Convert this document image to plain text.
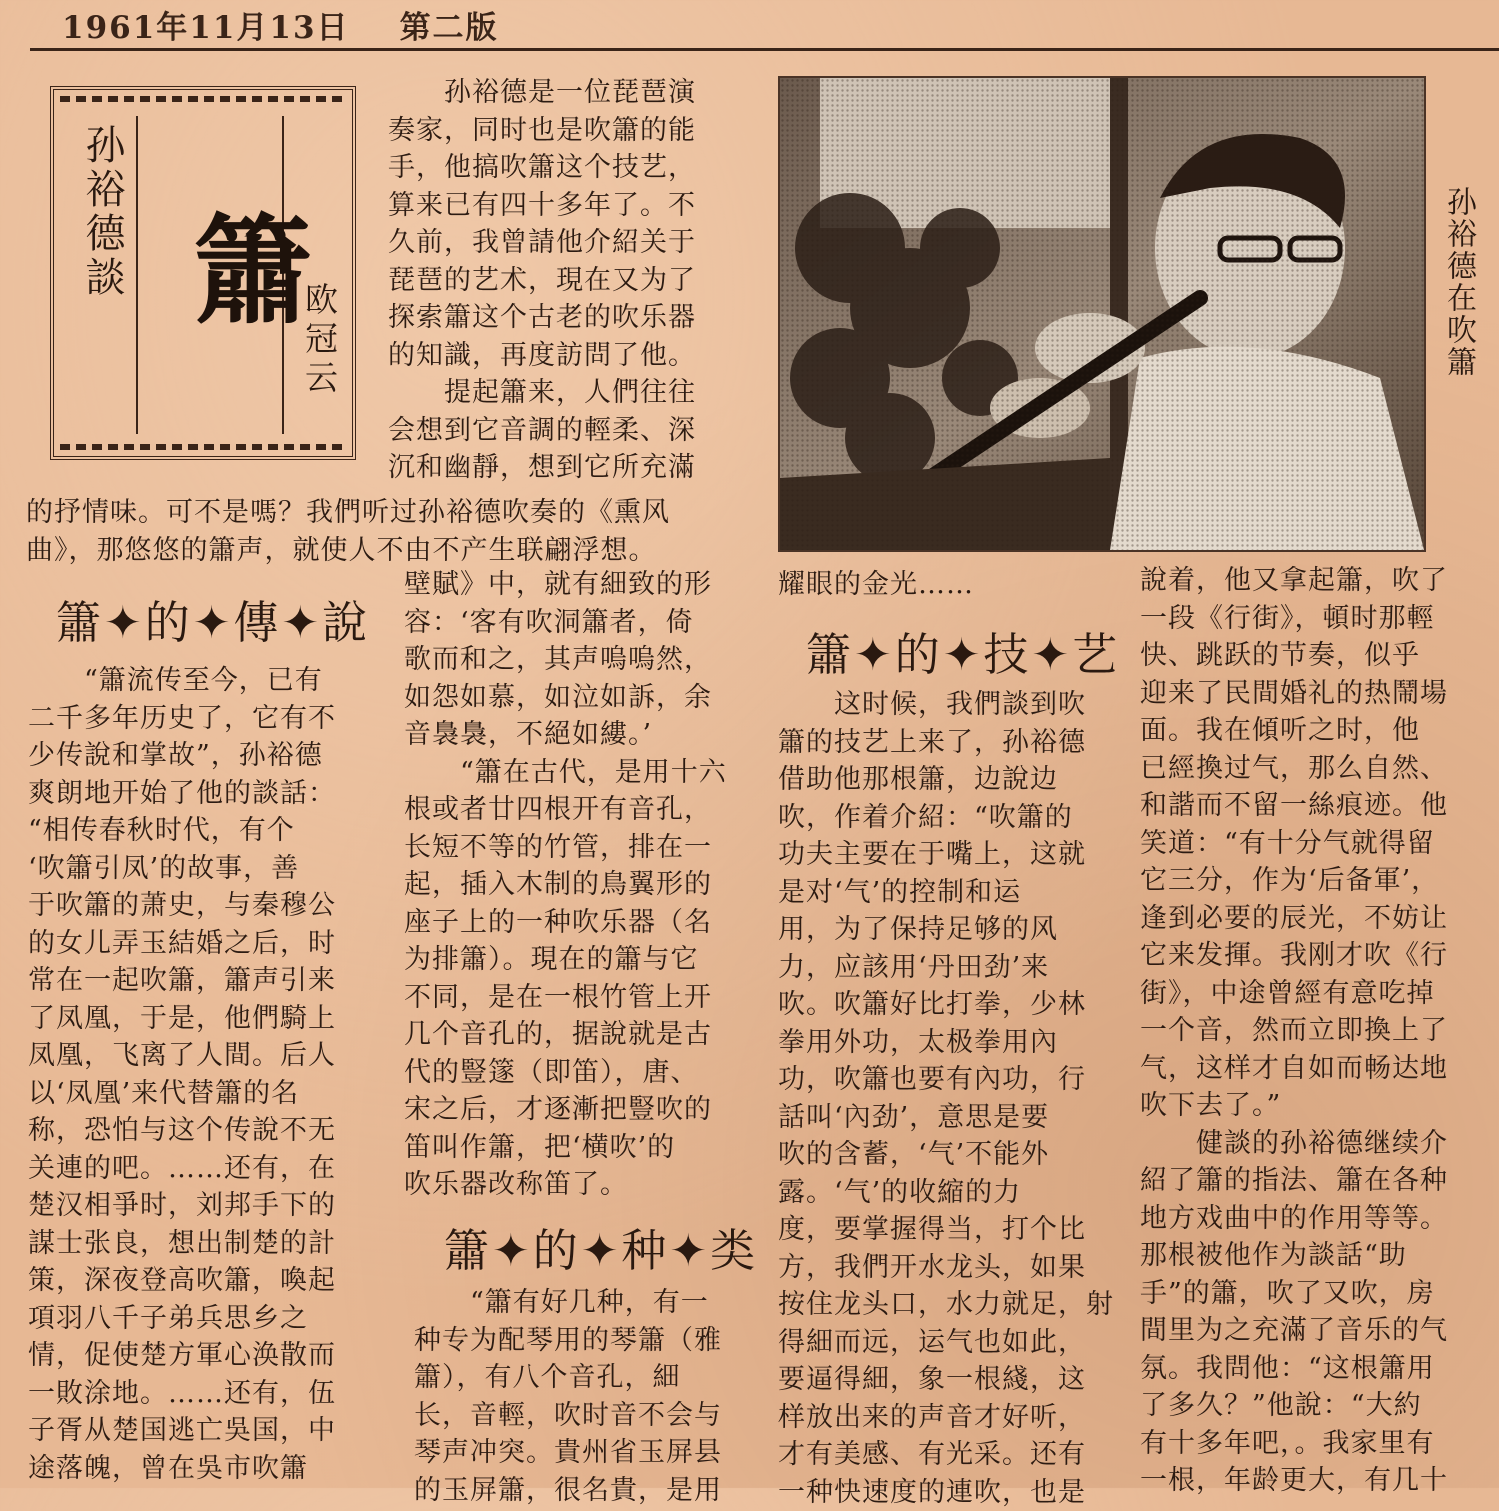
1961年11月13日 第二版
孙裕德談 簫
欧冠云

孙裕德是一位琵琶演

奏家，同时也是吹簫的能

手，他搞吹簫这个技艺，

算来已有四十多年了。不

久前，我曾請他介紹关于

琵琶的艺术，現在又为了

探索簫这个古老的吹乐器

的知識，再度訪問了他。

提起簫来，人們往往

会想到它音調的輕柔、深

沉和幽靜，想到它所充滿

的抒情味。可不是嗎？我們听过孙裕德吹奏的《熏风

曲》，那悠悠的簫声，就使人不由不产生联翩浮想。

簫✦的✦傳✦說

“簫流传至今，已有

二千多年历史了，它有不

少传說和掌故”，孙裕德

爽朗地开始了他的談話：

“相传春秋时代，有个

‘吹簫引凤’的故事，善

于吹簫的萧史，与秦穆公

的女儿弄玉結婚之后，时

常在一起吹簫，簫声引来

了凤凰，于是，他們騎上

凤凰，飞离了人間。后人

以‘凤凰’来代替簫的名

称，恐怕与这个传說不无

关連的吧。……还有，在

楚汉相爭时，刘邦手下的

謀士张良，想出制楚的計

策，深夜登高吹簫，喚起

項羽八千子弟兵思乡之

情，促使楚方軍心涣散而

一敗涂地。……还有，伍

子胥从楚国逃亡吳国，中

途落魄，曾在吳市吹簫

壁賦》中，就有細致的形

容：‘客有吹洞簫者，倚

歌而和之，其声嗚嗚然，

如怨如慕，如泣如訴，余

音裊裊，不絕如縷。’

“簫在古代，是用十六

根或者廿四根开有音孔，

长短不等的竹管，排在一

起，插入木制的鳥翼形的

座子上的一种吹乐器（名

为排簫）。現在的簫与它

不同，是在一根竹管上开

几个音孔的，据說就是古

代的豎篴（即笛），唐、

宋之后，才逐漸把豎吹的

笛叫作簫，把‘横吹’的

吹乐器改称笛了。

簫✦的✦种✦类

“簫有好几种，有一

种专为配琴用的琴簫（雅

簫），有八个音孔，細

长，音輕，吹时音不会与

琴声冲突。貴州省玉屏县

的玉屏簫，很名貴，是用

孙裕德在吹簫

耀眼的金光……

簫✦的✦技✦艺

这时候，我們談到吹

簫的技艺上来了，孙裕德

借助他那根簫，边說边

吹，作着介紹：“吹簫的

功夫主要在于嘴上，这就

是对‘气’的控制和运

用，为了保持足够的风

力，应該用‘丹田劲’来

吹。吹簫好比打拳，少林

拳用外功，太极拳用內

功，吹簫也要有內功，行

話叫‘內劲’，意思是要

吹的含蓄，‘气’不能外

露。‘气’的收縮的力

度，要掌握得当，打个比

方，我們开水龙头，如果

按住龙头口，水力就足，射

得細而远，运气也如此，

要逼得細，象一根綫，这

样放出来的声音才好听，

才有美感、有光采。还有

一种快速度的連吹，也是

說着，他又拿起簫，吹了

一段《行街》，頓时那輕

快、跳跃的节奏，似乎

迎来了民間婚礼的热鬧場

面。我在傾听之时，他

已經換过气，那么自然、

和諧而不留一絲痕迹。他

笑道：“有十分气就得留

它三分，作为‘后备軍’，

逢到必要的辰光，不妨让

它来发揮。我刚才吹《行

街》，中途曾經有意吃掉

一个音，然而立即換上了

气，这样才自如而畅达地

吹下去了。”

健談的孙裕德继续介

紹了簫的指法、簫在各种

地方戏曲中的作用等等。

那根被他作为談話“助

手”的簫，吹了又吹，房

間里为之充滿了音乐的气

氛。我問他：“这根簫用

了多久？”他說：“大約

有十多年吧，。我家里有

一根，年龄更大，有几十
